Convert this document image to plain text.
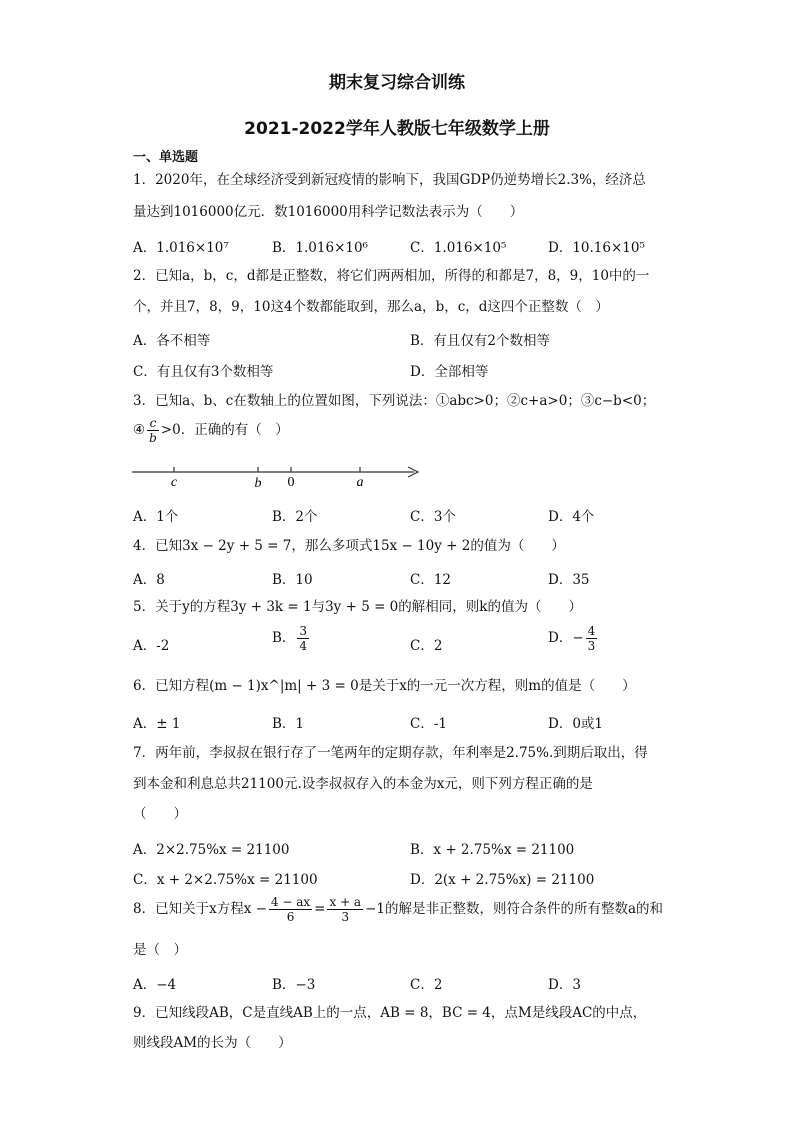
期末复习综合训练
2021-2022学年人教版七年级数学上册
一、单选题
1．2020年，在全球经济受到新冠疫情的影响下，我国GDP仍逆势增长2.3%，经济总
量达到1016000亿元．数1016000用科学记数法表示为（　　）
A．1.016×10⁷	B．1.016×10⁶	C．1.016×10⁵	D．10.16×10⁵
2．已知a，b，c，d都是正整数，将它们两两相加，所得的和都是7，8，9，10中的一
个，并且7，8，9，10这4个数都能取到，那么a，b，c，d这四个正整数（　）
A．各不相等	B．有且仅有2个数相等
C．有且仅有3个数相等	D．全部相等
3．已知a、b、c在数轴上的位置如图，下列说法：①abc>0；②c+a>0；③c−b<0；
④ $\frac{c}{b} >0$．正确的有（　）
c	b 0	a
A．1个	B．2个	C．3个	D．4个
4．已知3x − 2y + 5 = 7，那么多项式15x − 10y + 2的值为（　　）
A．8	B．10	C．12	D．35
5．关于y的方程3y + 3k = 1与3y + 5 = 0的解相同，则k的值为（　　）
A．-2	B． $\frac{3}{4}$	C．2	D．− $\frac{4}{3}$
6．已知方程(m − 1)x^|m| + 3 = 0是关于x的一元一次方程，则m的值是（　　）
A．± 1	B．1	C．-1	D．0或1
7．两年前，李叔叔在银行存了一笔两年的定期存款，年利率是2.75%.到期后取出，得
到本金和利息总共21100元.设李叔叔存入的本金为x元，则下列方程正确的是
（　　）
A．2×2.75%x = 21100	B．x + 2.75%x = 21100
C．x + 2×2.75%x = 21100	D．2(x + 2.75%x) = 21100
8．已知关于x方程$x - \frac{4 - ax}{6} = \frac{x + a}{3} -1$的解是非正整数，则符合条件的所有整数a的和
是（　）
A．−4	B．−3	C．2	D．3
9．已知线段AB，C是直线AB上的一点，AB = 8，BC = 4，点M是线段AC的中点，
则线段AM的长为（　　）
